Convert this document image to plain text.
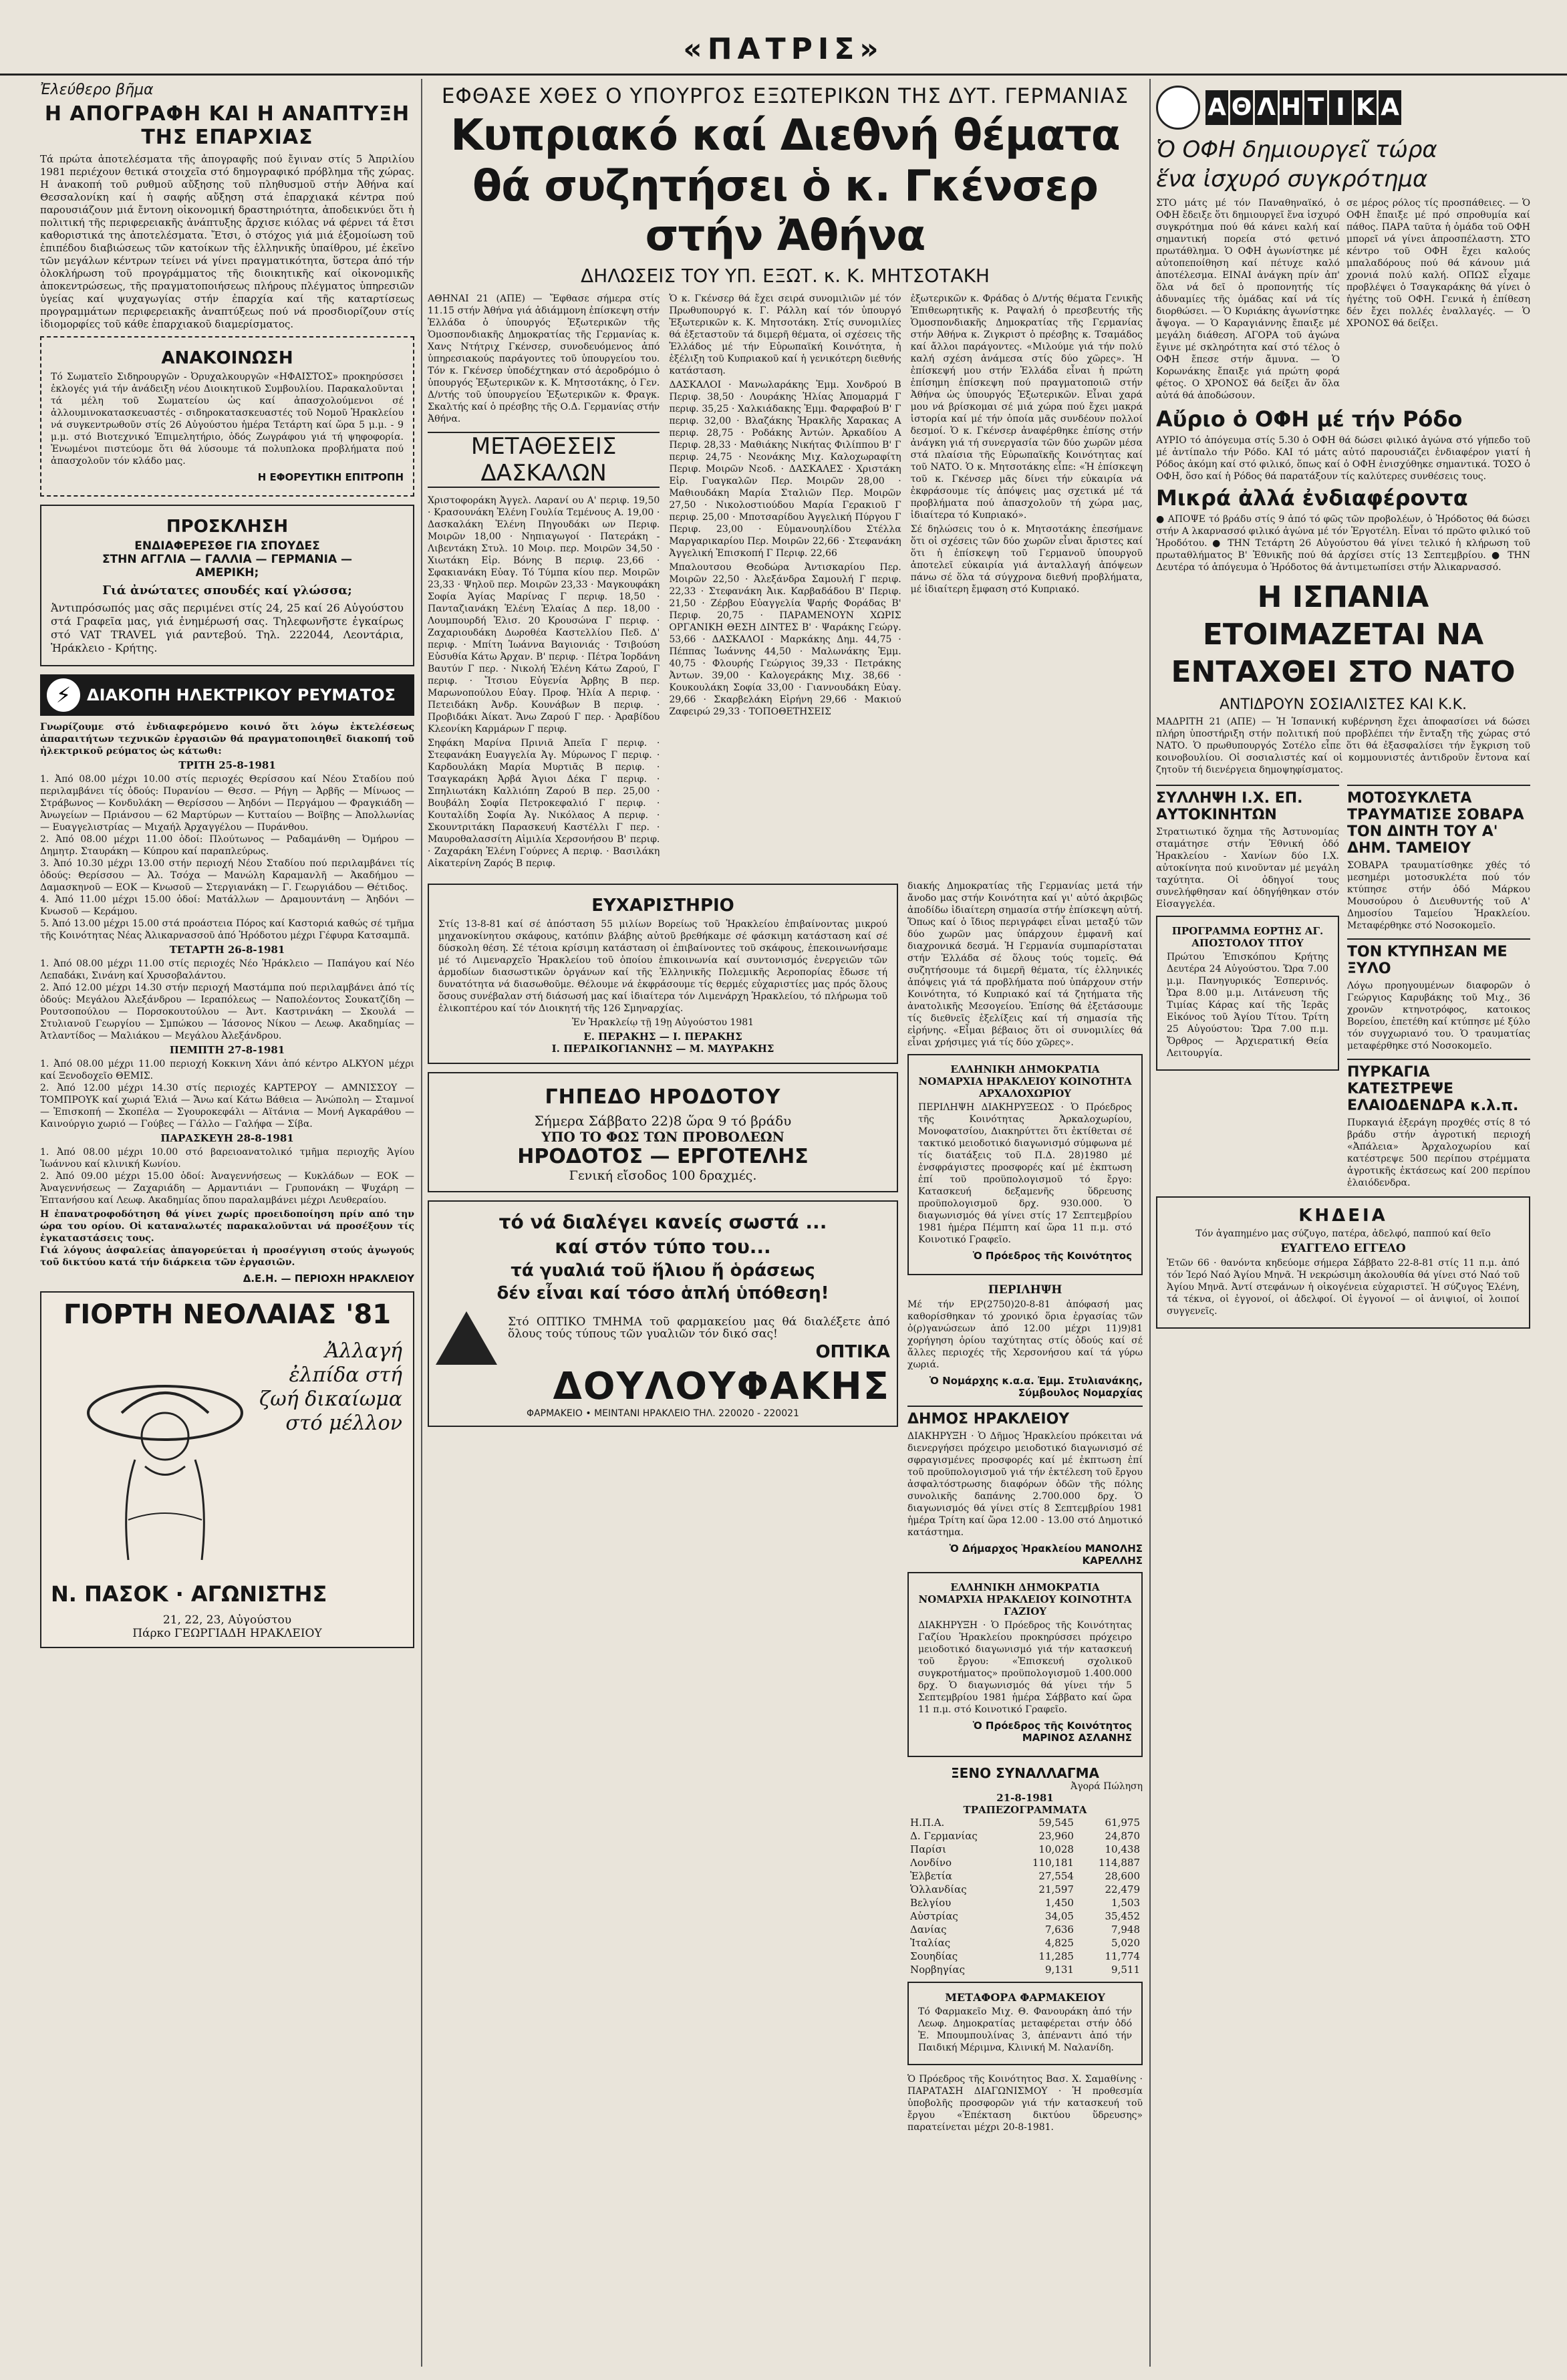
«ΠΑΤΡΙΣ»
Ἐλεύθερο βῆμα
Η ΑΠΟΓΡΑΦΗ ΚΑΙ Η ΑΝΑΠΤΥΞΗ ΤΗΣ ΕΠΑΡΧΙΑΣ
Τά πρώτα ἀποτελέσματα τῆς ἀπογραφῆς πού ἔγιναν στίς 5 Ἀπριλίου 1981 περιέχουν θετικά στοιχεῖα στό δημογραφικό πρόβλημα τῆς χώρας. Η ἀνακοπή τοῦ ρυθμοῦ αὔξησης τοῦ πληθυσμοῦ στήν Ἀθήνα καί Θεσσαλονίκη καί ἡ σαφής αὔξηση στά ἐπαρχιακά κέντρα πού παρουσιάζουν μιά ἔντονη οἰκονομική δραστηριότητα, ἀποδεικνύει ὅτι ἡ πολιτική τῆς περιφερειακῆς ἀνάπτυξης ἄρχισε κιόλας νά φέρνει τά ἔτσι καθοριστικά της ἀποτελέσματα. Ἔτσι, ὁ στόχος γιά μιά ἐξομοίωση τοῦ ἐπιπέδου διαβιώσεως τῶν κατοίκων τῆς ἑλληνικῆς ὑπαίθρου, μέ ἐκεῖνο τῶν μεγάλων κέντρων τείνει νά γίνει πραγματικότητα, ὕστερα ἀπό τήν ὁλοκλήρωση τοῦ προγράμματος τῆς διοικητικῆς καί οἰκονομικῆς ἀποκεντρώσεως, τῆς πραγματοποιήσεως πλήρους πλέγματος ὑπηρεσιῶν ὑγείας καί ψυχαγωγίας στήν ἐπαρχία καί τῆς καταρτίσεως προγραμμάτων περιφερειακῆς ἀναπτύξεως πού νά προσδιορίζουν στίς ἰδιομορφίες τοῦ κάθε ἐπαρχιακοῦ διαμερίσματος.
ΑΝΑΚΟΙΝΩΣΗ
Τό Σωματεῖο Σιδηρουργῶν - Ὀρυχαλκουργῶν «ΗΦΑΙΣΤΟΣ» προκηρύσσει ἐκλογές γιά τήν ἀνάδειξη νέου Διοικητικοῦ Συμβουλίου. Παρακαλοῦνται τά μέλη τοῦ Σωματείου ὡς καί ἀπασχολούμενοι σέ ἀλλουμινοκατασκευαστές - σιδηροκατασκευαστές τοῦ Νομοῦ Ἡρακλείου νά συγκεντρωθοῦν στίς 26 Αὐγούστου ἡμέρα Τετάρτη καί ὥρα 5 μ.μ. - 9 μ.μ. στό Βιοτεχνικό Ἐπιμελητήριο, ὁδός Ζωγράφου γιά τή ψηφοφορία. Ἐνωμένοι πιστεύομε ὅτι θά λύσουμε τά πολυπλοκα προβλήματα πού ἀπασχολοῦν τόν κλάδο μας.
Η ΕΦΟΡΕΥΤΙΚΗ ΕΠΙΤΡΟΠΗ
ΠΡΟΣΚΛΗΣΗ
ΕΝΔΙΑΦΕΡΕΣΘΕ ΓΙΑ ΣΠΟΥΔΕΣ
ΣΤΗΝ ΑΓΓΛΙΑ — ΓΑΛΛΙΑ — ΓΕΡΜΑΝΙΑ —
ΑΜΕΡΙΚΗ;
Γιά ἀνώτατες σπουδές καί γλώσσα;
Ἀντιπρόσωπός μας σᾶς περιμένει στίς 24, 25 καί 26 Αὐγούστου στά Γραφεῖα μας, γιά ἐνημέρωσή σας. Τηλεφωνῆστε ἐγκαίρως στό VAT TRAVEL γιά ραντεβού. Τηλ. 222044, Λεοντάρια, Ἡράκλειο - Κρήτης.
⚡ ΔΙΑΚΟΠΗ ΗΛΕΚΤΡΙΚΟΥ ΡΕΥΜΑΤΟΣ
Γνωρίζουμε στό ἐνδιαφερόμενο κοινό ὅτι λόγω ἐκτελέσεως ἀπαραιτήτων τεχνικῶν ἐργασιῶν θά πραγματοποιηθεῖ διακοπή τοῦ ἠλεκτρικοῦ ρεύματος ὡς κάτωθι:
ΤΡΙΤΗ 25-8-1981
1. Ἀπό 08.00 μέχρι 10.00 στίς περιοχές Θερίσσου καί Νέου Σταδίου πού περιλαμβάνει τίς ὁδούς: Πυρανίου — Θεσσ. — Ρήγη — Ἀρβῆς — Μίνωος — Στράβωνος — Κονδυλάκη — Θερίσσου — Ἀηδόνι — Περγάμου — Φραγκιάδη — Ἀνωγείων — Πριάνσου — 62 Μαρτύρων — Κυτταίου — Βοϊβης — Ἀπολλωνίας — Ευαγγελιστρίας — Μιχαήλ Ἀρχαγγέλου — Πυράνθου.
2. Ἀπό 08.00 μέχρι 11.00 ὁδοί: Πλούτωνος — Ραδαμάνθη — Ὀμήρου — Δημητρ. Σταυράκη — Κύπρου καί παραπλεύρως.
3. Ἀπό 10.30 μέχρι 13.00 στήν περιοχή Νέου Σταδίου πού περιλαμβάνει τίς ὁδούς: Θερίσσου — Ἀλ. Τσόχα — Μανώλη Καραμανλῆ — Ἀκαδήμου — Δαμασκηνοῦ — ΕΟΚ — Κνωσοῦ — Στεργιανάκη — Γ. Γεωργιάδου — Θέτιδος.
4. Ἀπό 11.00 μέχρι 15.00 ὁδοί: Ματάλλων — Δραμουντάνη — Ἀηδόνι — Κνωσοῦ — Κεράμου.
5. Ἀπό 13.00 μέχρι 15.00 στά προάστεια Πόρος καί Καστοριά καθώς σέ τμῆμα τῆς Κοινότητας Νέας Ἀλικαρνασσοῦ ἀπό Ἡρόδοτου μέχρι Γέφυρα Κατσαμπᾶ.
ΤΕΤΑΡΤΗ 26-8-1981
1. Ἀπό 08.00 μέχρι 11.00 στίς περιοχές Νέο Ἡράκλειο — Παπάγου καί Νέο Λεπαδάκι, Σινάνη καί Χρυσοβαλάντου.
2. Ἀπό 12.00 μέχρι 14.30 στήν περιοχή Μαστάμπα πού περιλαμβάνει ἀπό τίς ὁδούς: Μεγάλου Ἀλεξάνδρου — Ιεραπόλεως — Ναπολέοντος Σουκατζίδη — Ρουτσοπούλου — Πορσοκουτούλου — Ἀντ. Καστρινάκη — Σκουλά — Στυλιανοῦ Γεωργίου — Σμπώκου — Ἰάσονος Νίκου — Λεωφ. Ακαδημίας — Ἀτλαντίδος — Μαλιάκου — Μεγάλου Ἀλεξάνδρου.
ΠΕΜΠΤΗ 27-8-1981
1. Ἀπό 08.00 μέχρι 11.00 περιοχή Κοκκινη Χάνι ἀπό κέντρο ALKYON μέχρι καί Ξενοδοχεῖο ΘΕΜΙΣ.
2. Ἀπό 12.00 μέχρι 14.30 στίς περιοχές ΚΑΡΤΕΡΟΥ — ΑΜΝΙΣΣΟΥ — ΤΟΜΠΡΟΥΚ καί χωριά Ἐλιά — Ἄνω καί Κάτω Βάθεια — Ἀνώπολη — Σταμνοί — Ἐπισκοπή — Σκοπέλα — Σγουροκεφάλι — Αϊτάνια — Μονή Αγκαράθου — Καινούργιο χωριό — Γούβες — Γάλλο — Γαλήφα — Σίβα.
ΠΑΡΑΣΚΕΥΗ 28-8-1981
1. Ἀπό 08.00 μέχρι 10.00 στό βαρειοανατολικό τμῆμα περιοχῆς Ἁγίου Ἰωάννου καί κλινική Κωνίου.
2. Ἀπό 09.00 μέχρι 15.00 ὁδοί: Ἀναγεννήσεως — Κυκλάδων — ΕΟΚ — Ἀναγεννήσεως — Ζαχαριάδη — Αρμαντιάνι — Γρυπονάκη — Ψυχάρη — Ἐπτανήσου καί Λεωφ. Ακαδημίας ὅπου παραλαμβάνει μέχρι Λευθεραίου.
Η ἐπανατροφοδότηση θά γίνει χωρίς προειδοποίηση πρίν από την ώρα του ορίου. Οἱ καταναλωτές παρακαλοῦνται νά προσέξουν τίς ἐγκαταστάσεις τους.
Γιά λόγους ἀσφαλείας ἀπαγορεύεται ἡ προσέγγιση στούς ἀγωγούς τοῦ δικτύου κατά τήν διάρκεια τῶν ἐργασιῶν.
Δ.Ε.Η. — ΠΕΡΙΟΧΗ ΗΡΑΚΛΕΙΟΥ
ΓΙΟΡΤΗ ΝΕΟΛΑΙΑΣ '81
Ἀλλαγή ἐλπίδα στή ζωή δικαίωμα στό μέλλον
Ν. ΠΑΣΟΚ · ΑΓΩΝΙΣΤΗΣ
21, 22, 23, Αὐγούστου
Πάρκο ΓΕΩΡΓΙΑΔΗ ΗΡΑΚΛΕΙΟΥ
ΕΦΘΑΣΕ ΧΘΕΣ Ο ΥΠΟΥΡΓΟΣ ΕΞΩΤΕΡΙΚΩΝ ΤΗΣ ΔΥΤ. ΓΕΡΜΑΝΙΑΣ
Κυπριακό καί Διεθνή θέματα
θά συζητήσει ὁ κ. Γκένσερ στήν Ἀθήνα
ΔΗΛΩΣΕΙΣ ΤΟΥ ΥΠ. ΕΞΩΤ. κ. Κ. ΜΗΤΣΟΤΑΚΗ
ΑΘΗΝΑΙ 21 (ΑΠΕ) — Ἔφθασε σήμερα στίς 11.15 στήν Ἀθήνα γιά ἀδιάμμονη ἐπίσκεψη στήν Ἑλλάδα ὁ ὑπουργός Ἐξωτερικῶν τῆς Ὁμοσπονδιακῆς Δημοκρατίας τῆς Γερμανίας κ. Χανς Ντήτριχ Γκένσερ, συνοδευόμενος ἀπό ὑπηρεσιακούς παράγοντες τοῦ ὑπουργείου του. Τόν κ. Γκένσερ ὑποδέχτηκαν στό ἀεροδρόμιο ὁ ὑπουργός Ἐξωτερικῶν κ. Κ. Μητσοτάκης, ὁ Γεν. Δ/ντής τοῦ ὑπουργείου Ἐξωτερικῶν κ. Φραγκ. Σκαλτής καί ὁ πρέσβης τῆς Ο.Δ. Γερμανίας στήν Ἀθήνα.
ΜΕΤΑΘΕΣΕΙΣ ΔΑΣΚΑΛΩΝ
Χριστοφοράκη Ἀγγελ. Λαρανί ου Α' περιφ. 19,50 · Κρασουνάκη Ἐλένη Γουλία Τεμένους Α. 19,00 · Δασκαλάκη Ἐλένη Πηγουδάκι ων Περιφ. Μοιρῶν 18,00 · Νηπιαγωγοί · Πατεράκη - Λιβεντάκη Στυλ. 10 Μοιρ. περ. Μοιρῶν 34,50 · Χιωτάκη Εἰρ. Βόνης Β περιφ. 23,66 · Σφακιανάκη Εὐαγ. Τό Τύμπα κίου περ. Μοιρῶν 23,33 · Ψηλοῦ περ. Μοιρῶν 23,33 · Μαγκουφάκη Σοφία Ἁγίας Μαρίνας Γ περιφ. 18,50 · Πανταζιανάκη Ἑλένη Ἐλαίας Δ περ. 18,00 · Λουμπουρδή Ἐλισ. 20 Κρουσώνα Γ περιφ. · Ζαχαριουδάκη Δωροθέα Καστελλίου Πεδ. Δ' περιφ. · Μπίτη Ἰωάννα Βαγιονιάς · Τσιβούση Εὐσυθία Κάτω Ἀρχαν. Β' περιφ. · Πέτρα Ἰορδάνη Βαυτύν Γ περ. · Νικολή Ἐλένη Κάτω Ζαρού, Γ περιφ. · Ἴτσιου Εὐγενία Ἀρβης Β περ. Μαρωνοπούλου Εὐαγ. Προφ. Ἡλία Α περιφ. · Πετειδάκη Ἀνδρ. Κουνάβων Β περιφ. · Προβιδάκι Ἀίκατ. Ἄνω Ζαρού Γ περ. · Ἀραβίδου Κλεονίκη Καρμάρων Γ περιφ.
Σηφάκη Μαρίνα Πρινιᾶ Ἀπεῖα Γ περιφ. · Στεφανάκη Ευαγγελία Ἀγ. Μύρωνος Γ περιφ. · Καρδουλάκη Μαρία Μυρτιᾶς Β περιφ. · Τσαγκαράκη Ἀρβά Ἁγιοι Δέκα Γ περιφ. · Σπηλιωτάκη Καλλιόπη Ζαρού Β περ. 25,00 · Βουβάλη Σοφία Πετροκεφαλιό Γ περιφ. · Κουταλίδη Σοφία Ἀγ. Νικόλαος Α περιφ. · Σκουντριτάκη Παρασκευή Καστέλλι Γ περ. · Μαυροθαλασσίτη Αἰμιλία Χερσονήσου Β' περιφ. · Ζαχαράκη Ἑλένη Γούρνες Α περιφ. · Βασιλάκη Αἰκατερίνη Ζαρός Β περιφ.
Ὁ κ. Γκένσερ θά ἔχει σειρά συνομιλιῶν μέ τόν Πρωθυπουργό κ. Γ. Ράλλη καί τόν ὑπουργό Ἐξωτερικῶν κ. Κ. Μητσοτάκη. Στίς συνομιλίες θά ἐξεταστοῦν τά διμερῆ θέματα, οἱ σχέσεις τῆς Ἑλλάδος μέ τήν Εὐρωπαϊκή Κοινότητα, ἡ ἐξέλιξη τοῦ Κυπριακοῦ καί ἡ γενικότερη διεθνής κατάσταση.
ΔΑΣΚΑΛΟΙ · Μανωλαράκης Ἐμμ. Χονδρού Β Περιφ. 38,50 · Λουράκης Ἠλίας Ἀπομαρμά Γ περιφ. 35,25 · Χαλκιάδακης Ἐμμ. Φαρφαβού Β' Γ περιφ. 32,00 · Βλαζάκης Ἡρακλῆς Χαρακας Α περιφ. 28,75 · Ροδάκης Ἀντών. Ἀρκαδίου Α Περιφ. 28,33 · Μαθιάκης Νικήτας Φιλίππου Β' Γ περιφ. 24,75 · Νεονάκης Μιχ. Καλοχωραφίτη Περιφ. Μοιρῶν Νεοδ. · ΔΑΣΚΑΛΕΣ · Χριστάκη Εἰρ. Γυαγκαλῶν Περ. Μοιρῶν 28,00 · Μαθιουδάκη Μαρία Σταλιῶν Περ. Μοιρῶν 27,50 · Νικολοστιούδου Μαρία Γερακιοῦ Γ περιφ. 25,00 · Μποτσαρίδου Ἀγγελική Πύργου Γ Περιφ. 23,00 · Εὐμανουηλίδου Στέλλα Μαργαρικαρίου Περ. Μοιρῶν 22,66 · Στεφανάκη Ἀγγελική Ἐπισκοπή Γ Περιφ. 22,66
Μπαλουτσου Θεοδώρα Ἀντισκαρίου Περ. Μοιρῶν 22,50 · Ἀλεξάνδρα Σαμουλή Γ περιφ. 22,33 · Στεφανάκη Ἀικ. Καρβαδάδου Β' Περιφ. 21,50 · Ζέρβου Εὐαγγελία Ψαρής Φοράδας Β' Περιφ. 20,75 · ΠΑΡΑΜΕΝΟΥΝ ΧΩΡΙΣ ΟΡΓΑΝΙΚΗ ΘΕΣΗ ΔΙΝΤΕΣ Β' · Ψαράκης Γεώργ. 53,66 · ΔΑΣΚΑΛΟΙ · Μαρκάκης Δημ. 44,75 · Πέππας Ἰωάννης 44,50 · Μαλωνάκης Ἐμμ. 40,75 · Φλουρής Γεώργιος 39,33 · Πετράκης Ἀντων. 39,00 · Καλογεράκης Μιχ. 38,66 · Κουκουλάκη Σοφία 33,00 · Γιαννουδάκη Εὐαγ. 29,66 · Σκαρβελάκη Εἰρήνη 29,66 · Μακιού Ζαφειρώ 29,33 · ΤΟΠΟΘΕΤΗΣΕΙΣ
ἐξωτερικῶν κ. Φράδας ὁ Δ/ντής θέματα Γενικῆς Ἐπιθεωρητικῆς κ. Ραψαλή ὁ πρεσβευτής τῆς Ὁμοσπονδιακῆς Δημοκρατίας τῆς Γερμανίας στήν Ἀθήνα κ. Ζιγκριστ ὁ πρέσβης κ. Τσαμάδος καί ἄλλοι παράγοντες. «Μιλούμε γιά τήν πολύ καλή σχέση ἀνάμεσα στίς δύο χῶρες». Ἡ ἐπίσκεψή μου στήν Ἑλλάδα εἶναι ἡ πρώτη ἐπίσημη ἐπίσκεψη πού πραγματοποιῶ στήν Ἀθήνα ὡς ὑπουργός Ἐξωτερικῶν. Εἶναι χαρά μου νά βρίσκομαι σέ μιά χώρα πού ἔχει μακρά ἱστορία καί μέ τήν ὁποία μᾶς συνδέουν πολλοί δεσμοί. Ὁ κ. Γκένσερ ἀναφέρθηκε ἐπίσης στήν ἀνάγκη γιά τή συνεργασία τῶν δύο χωρῶν μέσα στά πλαίσια τῆς Εὐρωπαϊκῆς Κοινότητας καί τοῦ ΝΑΤΟ. Ὁ κ. Μητσοτάκης εἶπε: «Ἡ ἐπίσκεψη τοῦ κ. Γκένσερ μᾶς δίνει τήν εὐκαιρία νά ἐκφράσουμε τίς ἀπόψεις μας σχετικά μέ τά προβλήματα πού ἀπασχολοῦν τή χώρα μας, ἰδιαίτερα τό Κυπριακό».
Σέ δηλώσεις του ὁ κ. Μητσοτάκης ἐπεσήμανε ὅτι οἱ σχέσεις τῶν δύο χωρῶν εἶναι ἄριστες καί ὅτι ἡ ἐπίσκεψη τοῦ Γερμανοῦ ὑπουργοῦ ἀποτελεῖ εὐκαιρία γιά ἀνταλλαγή ἀπόψεων πάνω σέ ὅλα τά σύγχρονα διεθνή προβλήματα, μέ ἰδιαίτερη ἔμφαση στό Κυπριακό.
ΕΥΧΑΡΙΣΤΗΡΙΟ
Στίς 13-8-81 καί σέ ἀπόσταση 55 μιλίων Βορείως τοῦ Ἡρακλείου ἐπιβαίνοντας μικρού μηχανοκίνητου σκάφους, κατόπιν βλάβης αὐτοῦ βρεθήκαμε σέ φάσκιμη κατάσταση καί σέ δύσκολη θέση. Σέ τέτοια κρίσιμη κατάσταση οἱ ἐπιβαίνοντες τοῦ σκάφους, ἐπεκοινωνήσαμε μέ τό Λιμεναρχεῖο Ἡρακλείου τοῦ ὁποίου ἐπικοινωνία καί συντονισμός ἐνεργειῶν τῶν ἁρμοδίων διασωστικῶν ὀργάνων καί τῆς Ἑλληνικῆς Πολεμικῆς Ἀεροπορίας ἔδωσε τή δυνατότητα νά διασωθοῦμε. Θέλουμε νά ἐκφράσουμε τίς θερμές εὐχαριστίες μας πρός ὅλους ὅσους συνέβαλαν στή διάσωσή μας καί ἰδιαίτερα τόν Λιμενάρχη Ἡρακλείου, τό πλήρωμα τοῦ ἐλικοπτέρου καί τόν Διοικητή τῆς 126 Σμηναρχίας.
Ἐν Ἡρακλείῳ τῇ 19ῃ Αὐγούστου 1981
Ε. ΠΕΡΑΚΗΣ — Ι. ΠΕΡΑΚΗΣ
Ι. ΠΕΡΔΙΚΟΓΙΑΝΝΗΣ — Μ. ΜΑΥΡΑΚΗΣ
ΓΗΠΕΔΟ ΗΡΟΔΟΤΟΥ
Σήμερα Σάββατο 22)8 ὥρα 9 τό βράδυ
ΥΠΟ ΤΟ ΦΩΣ ΤΩΝ ΠΡΟΒΟΛΕΩΝ
ΗΡΟΔΟΤΟΣ — ΕΡΓΟΤΕΛΗΣ
Γενική εἴσοδος 100 δραχμές.
τό νά διαλέγει κανείς σωστά ...
καί στόν τύπο του...
τά γυαλιά τοῦ ἥλιου ἤ ὁράσεως
δέν εἶναι καί τόσο ἁπλή ὑπόθεση!
Στό ΟΠΤΙΚΟ ΤΜΗΜΑ τοῦ φαρμακείου μας θά διαλέξετε ἀπό ὅλους τούς τύπους τῶν γυαλιῶν τόν δικό σας!
ΟΠΤΙΚΑ
ΔΟΥΛΟΥΦΑΚΗΣ
ΦΑΡΜΑΚΕΙΟ • ΜΕΙΝΤΑΝΙ ΗΡΑΚΛΕΙΟ ΤΗΛ. 220020 - 220021
διακής Δημοκρατίας τῆς Γερμανίας μετά τήν ἄνοδο μας στήν Κοινότητα καί γι' αὐτό ἀκριβῶς ἀποδίδω ἰδιαίτερη σημασία στήν ἐπίσκεψη αὐτή. Ὅπως καί ὁ ἴδιος περιγράφει εἶναι μεταξύ τῶν δύο χωρῶν μας ὑπάρχουν ἐμφανῆ καί διαχρονικά δεσμά. Ἡ Γερμανία συμπαρίσταται στήν Ἑλλάδα σέ ὅλους τούς τομεῖς. Θά συζητήσουμε τά διμερῆ θέματα, τίς ἑλληνικές ἀπόψεις γιά τά προβλήματα πού ὑπάρχουν στήν Κοινότητα, τό Κυπριακό καί τά ζητήματα τῆς ἀνατολικῆς Μεσογείου. Ἐπίσης θά ἐξετάσουμε τίς διεθνεῖς ἐξελίξεις καί τή σημασία τῆς εἰρήνης. «Εἶμαι βέβαιος ὅτι οἱ συνομιλίες θά εἶναι χρήσιμες γιά τίς δύο χῶρες».
ΕΛΛΗΝΙΚΗ ΔΗΜΟΚΡΑΤΙΑ ΝΟΜΑΡΧΙΑ ΗΡΑΚΛΕΙΟΥ ΚΟΙΝΟΤΗΤΑ ΑΡΧΑΛΟΧΩΡΙΟΥ
ΠΕΡΙΛΗΨΗ ΔΙΑΚΗΡΥΞΕΩΣ · Ὁ Πρόεδρος τῆς Κοινότητας Ἀρκαλοχωρίου, Μονοφατσίου, Διακηρύττει ὅτι ἐκτίθεται σέ τακτικό μειοδοτικό διαγωνισμό σύμφωνα μέ τίς διατάξεις τοῦ Π.Δ. 28)1980 μέ ἐνσφράγιστες προσφορές καί μέ ἐκπτωση ἐπί τοῦ προϋπολογισμοῦ τό ἔργο: Κατασκευή δεξαμενῆς ὕδρευσης προϋπολογισμοῦ δρχ. 930.000. Ὁ διαγωνισμός θά γίνει στίς 17 Σεπτεμβρίου 1981 ἡμέρα Πέμπτη καί ὥρα 11 π.μ. στό Κοινοτικό Γραφεῖο.
Ὁ Πρόεδρος τῆς Κοινότητος
ΠΕΡΙΛΗΨΗ
Μέ τήν ΕΡ(2750)20-8-81 ἀπόφασή μας καθορίσθηκαν τό χρονικό ὅρια ἐργασίας τῶν ὀ(ρ)γανώσεων ἀπό 12.00 μέχρι 11)9)81 χορήγηση ὁρίου ταχύτητας στίς ὁδούς καί σέ ἄλλες περιοχές τῆς Χερσονήσου καί τά γύρω χωριά.
Ὁ Νομάρχης κ.α.α. Ἐμμ. Στυλιανάκης, Σύμβουλος Νομαρχίας
ΔΗΜΟΣ ΗΡΑΚΛΕΙΟΥ
ΔΙΑΚΗΡΥΞΗ · Ὁ Δῆμος Ἡρακλείου πρόκειται νά διενεργήσει πρόχειρο μειοδοτικό διαγωνισμό σέ σφραγισμένες προσφορές καί μέ ἐκπτωση ἐπί τοῦ προϋπολογισμοῦ γιά τήν ἐκτέλεση τοῦ ἔργου ἀσφαλτόστρωσης διαφόρων ὁδῶν τῆς πόλης συνολικῆς δαπάνης 2.700.000 δρχ. Ὁ διαγωνισμός θά γίνει στίς 8 Σεπτεμβρίου 1981 ἡμέρα Τρίτη καί ὥρα 12.00 - 13.00 στό Δημοτικό κατάστημα.
Ὁ Δήμαρχος Ἡρακλείου ΜΑΝΟΛΗΣ ΚΑΡΕΛΛΗΣ
ΕΛΛΗΝΙΚΗ ΔΗΜΟΚΡΑΤΙΑ ΝΟΜΑΡΧΙΑ ΗΡΑΚΛΕΙΟΥ ΚΟΙΝΟΤΗΤΑ ΓΑΖΙΟΥ
ΔΙΑΚΗΡΥΞΗ · Ὁ Πρόεδρος τῆς Κοινότητας Γαζίου Ἡρακλείου προκηρύσσει πρόχειρο μειοδοτικό διαγωνισμό γιά τήν κατασκευή τοῦ ἔργου: «Ἐπισκευή σχολικοῦ συγκροτήματος» προϋπολογισμοῦ 1.400.000 δρχ. Ὁ διαγωνισμός θά γίνει τήν 5 Σεπτεμβρίου 1981 ἡμέρα Σάββατο καί ὥρα 11 π.μ. στό Κοινοτικό Γραφεῖο.
Ὁ Πρόεδρος τῆς Κοινότητος ΜΑΡΙΝΟΣ ΑΣΛΑΝΗΣ
ΞΕΝΟ ΣΥΝΑΛΛΑΓΜΑ
Ἀγορά Πώληση
21-8-1981
ΤΡΑΠΕΖΟΓΡΑΜΜΑΤΑ
Η.Π.Α.	59,545	61,975
Δ. Γερμανίας	23,960	24,870
Παρίσι	10,028	10,438
Λονδίνο	110,181	114,887
Ἑλβετία	27,554	28,600
Ὁλλανδίας	21,597	22,479
Βελγίου	1,450	1,503
Αὐστρίας	34,05	35,452
Δανίας	7,636	7,948
Ἰταλίας	4,825	5,020
Σουηδίας	11,285	11,774
Νορβηγίας	9,131	9,511
ΜΕΤΑΦΟΡΑ ΦΑΡΜΑΚΕΙΟΥ
Τό Φαρμακεῖο Μιχ. Θ. Φανουράκη ἀπό τήν Λεωφ. Δημοκρατίας μεταφέρεται στήν ὁδό Ἐ. Μπουμπουλίνας 3, ἀπέναντι ἀπό τήν Παιδική Μέριμνα, Κλινική Μ. Ναλανίδη.
Ὁ Πρόεδρος τῆς Κοινότητος Βασ. Χ. Σαμαθίνης · ΠΑΡΑΤΑΣΗ ΔΙΑΓΩΝΙΣΜΟΥ · Ἡ προθεσμία ὑποβολῆς προσφορῶν γιά τήν κατασκευή τοῦ ἔργου «Ἐπέκταση δικτύου ὕδρευσης» παρατείνεται μέχρι 20-8-1981.
Α Θ Λ Η Τ Ι Κ Α
Ὁ ΟΦΗ δημιουργεῖ τώρα
ἕνα ἰσχυρό συγκρότημα
ΣΤΟ μάτς μέ τόν Παναθηναϊκό, ὁ ΟΦΗ ἔδειξε ὅτι δημιουργεῖ ἕνα ἰσχυρό συγκρότημα πού θά κάνει καλή καί σημαντική πορεία στό φετινό πρωτάθλημα. Ὁ ΟΦΗ ἀγωνίστηκε μέ αὐτοπεποίθηση καί πέτυχε καλό ἀποτέλεσμα. ΕΙΝΑΙ ἀνάγκη πρίν ἀπ' ὅλα νά δεῖ ὁ προπονητής τίς ἀδυναμίες τῆς ὁμάδας καί νά τίς διορθώσει. — Ὁ Κυριάκης ἀγωνίστηκε ἄψογα. — Ὁ Καραγιάννης ἔπαιξε μέ μεγάλη διάθεση. ΑΓΟΡΑ τοῦ ἀγώνα ἔγινε μέ σκληρότητα καί στό τέλος ὁ ΟΦΗ ἔπεσε στήν ἄμυνα. — Ὁ Κορωνάκης ἔπαιξε γιά πρώτη φορά φέτος. Ο ΧΡΟΝΟΣ θά δείξει ἄν ὅλα αὐτά θά ἀποδώσουν.
σε μέρος ρόλος τίς προσπάθειες. — Ὁ ΟΦΗ ἔπαιξε μέ πρό σπροθυμία καί πάθος. ΠΑΡΑ ταῦτα ἡ ὁμάδα τοῦ ΟΦΗ μπορεῖ νά γίνει ἀπροσπέλαστη. ΣΤΟ κέντρο τοῦ ΟΦΗ ἔχει καλούς μπαλαδόρους πού θά κάνουν μιά χρονιά πολύ καλή. ΟΠΩΣ εἶχαμε προβλέψει ὁ Τσαγκαράκης θά γίνει ὁ ἡγέτης τοῦ ΟΦΗ. Γενικά ἡ ἐπίθεση δέν ἔχει πολλές ἐναλλαγές. — Ὁ ΧΡΟΝΟΣ θά δείξει.
Αὔριο ὁ ΟΦΗ μέ τήν Ρόδο
ΑΥΡΙΟ τό ἀπόγευμα στίς 5.30 ὁ ΟΦΗ θά δώσει φιλικό ἀγώνα στό γήπεδο τοῦ μέ ἀντίπαλο τήν Ρόδο. ΚΑΙ τό μάτς αὐτό παρουσιάζει ἐνδιαφέρον γιατί ἡ Ρόδος ἀκόμη καί στό φιλικό, ὅπως καί ὁ ΟΦΗ ἐνισχύθηκε σημαντικά. ΤΟΣΟ ὁ ΟΦΗ, ὅσο καί ἡ Ρόδος θά παρατάξουν τίς καλύτερες συνθέσεις τους.
Μικρά ἀλλά ἐνδιαφέροντα
● ΑΠΟΨΕ τό βράδυ στίς 9 ἀπό τό φῶς τῶν προβολέων, ὁ Ἡρόδοτος θά δώσει στήν Α λκαρνασσό φιλικό ἀγώνα μέ τόν Ἐργοτέλη. Εἶναι τό πρῶτο φιλικό τοῦ Ἡροδότου. ● ΤΗΝ Τετάρτη 26 Αὐγούστου θά γίνει τελικό ἡ κλήρωση τοῦ πρωταθλήματος Β' Ἐθνικῆς πού θά ἀρχίσει στίς 13 Σεπτεμβρίου. ● ΤΗΝ Δευτέρα τό ἀπόγευμα ὁ Ἡρόδοτος θά ἀντιμετωπίσει στήν Ἀλικαρνασσό.
Η ΙΣΠΑΝΙΑ ΕΤΟΙΜΑΖΕΤΑΙ ΝΑ ΕΝΤΑΧΘΕΙ ΣΤΟ ΝΑΤΟ
ΑΝΤΙΔΡΟΥΝ ΣΟΣΙΑΛΙΣΤΕΣ ΚΑΙ Κ.Κ.
ΜΑΔΡΙΤΗ 21 (ΑΠΕ) — Ἡ Ἱσπανική κυβέρνηση ἔχει ἀποφασίσει νά δώσει πλήρη ὑποστήριξη στήν πολιτική πού προβλέπει τήν ἔνταξη τῆς χώρας στό ΝΑΤΟ. Ὁ πρωθυπουργός Σοτέλο εἶπε ὅτι θά ἐξασφαλίσει τήν ἔγκριση τοῦ κοινοβουλίου. Οἱ σοσιαλιστές καί οἱ κομμουνιστές ἀντιδροῦν ἔντονα καί ζητοῦν τή διενέργεια δημοψηφίσματος.
ΣΥΛΛΗΨΗ Ι.Χ. ΕΠ. ΑΥΤΟΚΙΝΗΤΩΝ
Στρατιωτικό ὅχημα τῆς Ἀστυνομίας σταμάτησε στήν Ἐθνική ὁδό Ἡρακλείου - Χανίων δύο Ι.Χ. αὐτοκίνητα πού κινοῦνταν μέ μεγάλη ταχύτητα. Οἱ ὁδηγοί τους συνελήφθησαν καί ὁδηγήθηκαν στόν Εἰσαγγελέα.
ΠΡΟΓΡΑΜΜΑ ΕΟΡΤΗΣ ΑΓ. ΑΠΟΣΤΟΛΟΥ ΤΙΤΟΥ
Πρώτου Ἐπισκόπου Κρήτης Δευτέρα 24 Αὐγούστου. Ὥρα 7.00 μ.μ. Πανηγυρικός Ἑσπερινός. Ὥρα 8.00 μ.μ. Λιτάνευση τῆς Τιμίας Κάρας καί τῆς Ἱερᾶς Εἰκόνος τοῦ Ἁγίου Τίτου. Τρίτη 25 Αὐγούστου: Ὥρα 7.00 π.μ. Ὄρθρος — Ἀρχιερατική Θεία Λειτουργία.
ΜΟΤΟΣΥΚΛΕΤΑ ΤΡΑΥΜΑΤΙΣΕ ΣΟΒΑΡΑ ΤΟΝ ΔΙΝΤΗ ΤΟΥ Α' ΔΗΜ. ΤΑΜΕΙΟΥ
ΣΟΒΑΡΑ τραυματίσθηκε χθές τό μεσημέρι μοτοσυκλέτα πού τόν κτύπησε στήν ὁδό Μάρκου Μουσούρου ὁ Διευθυντής τοῦ Α' Δημοσίου Ταμείου Ἡρακλείου. Μεταφέρθηκε στό Νοσοκομεῖο.
ΤΟΝ ΚΤΥΠΗΣΑΝ ΜΕ ΞΥΛΟ
Λόγω προηγουμένων διαφορῶν ὁ Γεώργιος Καρυβάκης τοῦ Μιχ., 36 χρονῶν κτηνοτρόφος, κατοικος Βορείου, ἐπετέθη καί κτύπησε μέ ξύλο τόν συγχωριανό του. Ὁ τραυματίας μεταφέρθηκε στό Νοσοκομεῖο.
ΠΥΡΚΑΓΙΑ ΚΑΤΕΣΤΡΕΨΕ ΕΛΑΙΟΔΕΝΔΡΑ κ.λ.π.
Πυρκαγιά ἐξεράγη προχθές στίς 8 τό βράδυ στήν ἀγροτική περιοχή «Ἀπάλεια» Ἀρχαλοχωρίου καί κατέστρεψε 500 περίπου στρέμματα ἀγροτικῆς ἐκτάσεως καί 200 περίπου ἐλαιόδενδρα.
ΚΗΔΕΙΑ
Τόν ἀγαπημένο μας σύζυγο, πατέρα, ἀδελφό, παππού καί θεῖο
ΕΥΑΓΓΕΛΟ ΕΓΓΕΛΟ
Ἐτῶν 66 · θανόντα κηδεύομε σήμερα Σάββατο 22-8-81 στίς 11 π.μ. ἀπό τόν Ἱερό Ναό Ἁγίου Μηνᾶ. Ἡ νεκρώσιμη ἀκολουθία θά γίνει στό Ναό τοῦ Ἁγίου Μηνᾶ. Ἀντί στεφάνων ἡ οἰκογένεια εὐχαριστεῖ. Ἡ σύζυγος Ἑλένη, τά τέκνα, οἱ ἐγγονοί, οἱ ἀδελφοί. Οἱ ἐγγονοί — οἱ ἀνιψιοί, οἱ λοιποί συγγενεῖς.
